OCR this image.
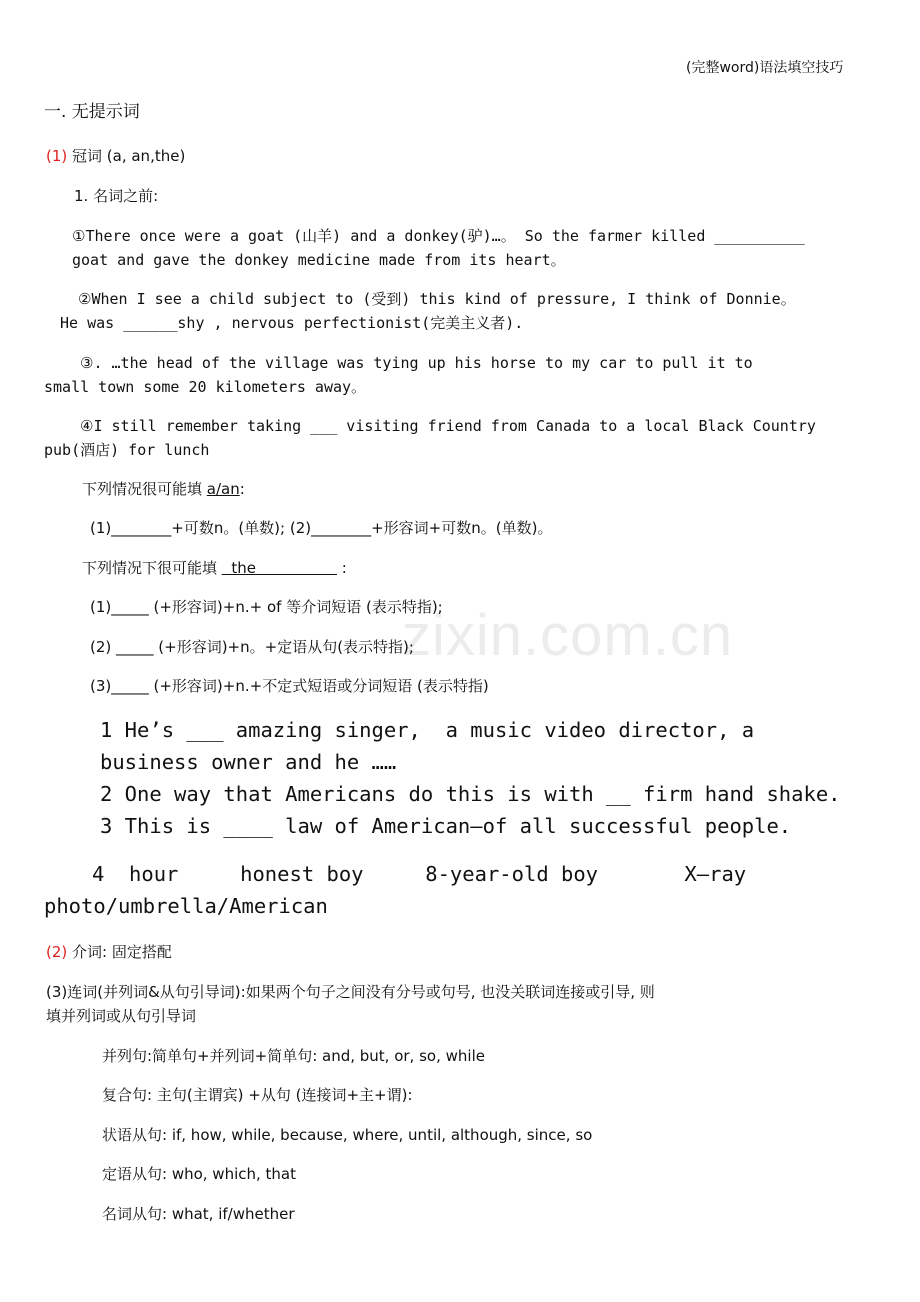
zixin.com.cn
(完整word)语法填空技巧
一. 无提示词
(1) 冠词 (a, an,the)
1. 名词之前:
①There once were a goat (山羊) and a donkey(驴)…。 So the farmer killed __________
goat and gave the donkey medicine made from its heart。
②When I see a child subject to (受到) this kind of pressure, I think of Donnie。
He was ______shy , nervous perfectionist(完美主义者).
③. …the head of the village was tying up his horse to my car to pull it to
small town some 20 kilometers away。
④I still remember taking ___ visiting friend from Canada to a local Black Country
pub(酒店) for lunch
下列情况很可能填 a/an:
(1)________+可数n。(单数); (2)________+形容词+可数n。(单数)。
下列情况下很可能填   the                  :
(1)_____ (+形容词)+n.+ of 等介词短语 (表示特指);
(2) _____ (+形容词)+n。+定语从句(表示特指);
(3)_____ (+形容词)+n.+不定式短语或分词短语 (表示特指)
1 He’s ___ amazing singer,  a music video director, a
business owner and he ……
2 One way that Americans do this is with __ firm hand shake.
3 This is ____ law of American—of all successful people.
4  hour     honest boy     8-year-old boy       X—ray
photo/umbrella/American
(2) 介词: 固定搭配
(3)连词(并列词&从句引导词):如果两个句子之间没有分号或句号, 也没关联词连接或引导, 则
填并列词或从句引导词
并列句:简单句+并列词+简单句: and, but, or, so, while
复合句: 主句(主谓宾) +从句 (连接词+主+谓):
状语从句: if, how, while, because, where, until, although, since, so
定语从句: who, which, that
名词从句: what, if/whether
